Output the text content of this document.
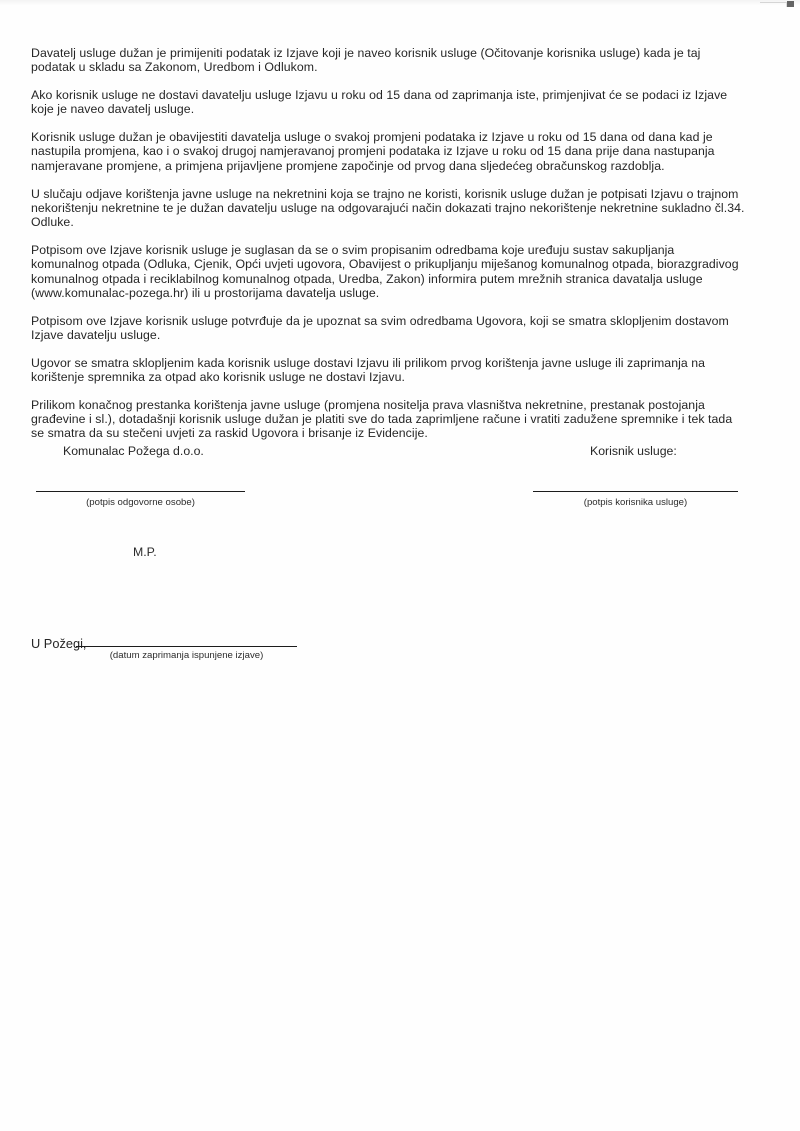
Davatelj usluge dužan je primijeniti podatak iz Izjave koji je naveo korisnik usluge (Očitovanje korisnika usluge) kada je taj podatak u skladu sa Zakonom, Uredbom i Odlukom.

Ako korisnik usluge ne dostavi davatelju usluge Izjavu u roku od 15 dana od zaprimanja iste, primjenjivat će se podaci iz Izjave koje je naveo davatelj usluge.

Korisnik usluge dužan je obavijestiti davatelja usluge o svakoj promjeni podataka iz Izjave u roku od 15 dana od dana kad je nastupila promjena, kao i o svakoj drugoj namjeravanoj promjeni podataka iz Izjave u roku od 15 dana prije dana nastupanja namjeravane promjene, a primjena prijavljene promjene započinje od prvog dana sljedećeg obračunskog razdoblja.

U slučaju odjave korištenja javne usluge na nekretnini koja se trajno ne koristi, korisnik usluge dužan je potpisati Izjavu o trajnom nekorištenju nekretnine te je dužan davatelju usluge na odgovarajući način dokazati trajno nekorištenje nekretnine sukladno čl.34. Odluke.

Potpisom ove Izjave korisnik usluge je suglasan da se o svim propisanim odredbama koje uređuju sustav sakupljanja komunalnog otpada (Odluka, Cjenik, Opći uvjeti ugovora, Obavijest o prikupljanju miješanog komunalnog otpada, biorazgradivog komunalnog otpada i reciklabilnog komunalnog otpada, Uredba, Zakon) informira putem mrežnih stranica davatalja usluge (www.komunalac-pozega.hr) ili u prostorijama davatelja usluge.

Potpisom ove Izjave korisnik usluge potvrđuje da je upoznat sa svim odredbama Ugovora, koji se smatra sklopljenim dostavom Izjave davatelju usluge.

Ugovor se smatra sklopljenim kada korisnik usluge dostavi Izjavu ili prilikom prvog korištenja javne usluge ili zaprimanja na korištenje spremnika za otpad ako korisnik usluge ne dostavi Izjavu.

Prilikom konačnog prestanka korištenja javne usluge (promjena nositelja prava vlasništva nekretnine, prestanak postojanja građevine i sl.), dotadašnji korisnik usluge dužan je platiti sve do tada zaprimljene račune i vratiti zadužene spremnike i tek tada se smatra da su stečeni uvjeti za raskid Ugovora i brisanje iz Evidencije.

Komunalac Požega d.o.o.	Korisnik usluge:
(potpis odgovorne osobe)	(potpis korisnika usluge)
M.P.
U Požegi,
(datum zaprimanja ispunjene izjave)
